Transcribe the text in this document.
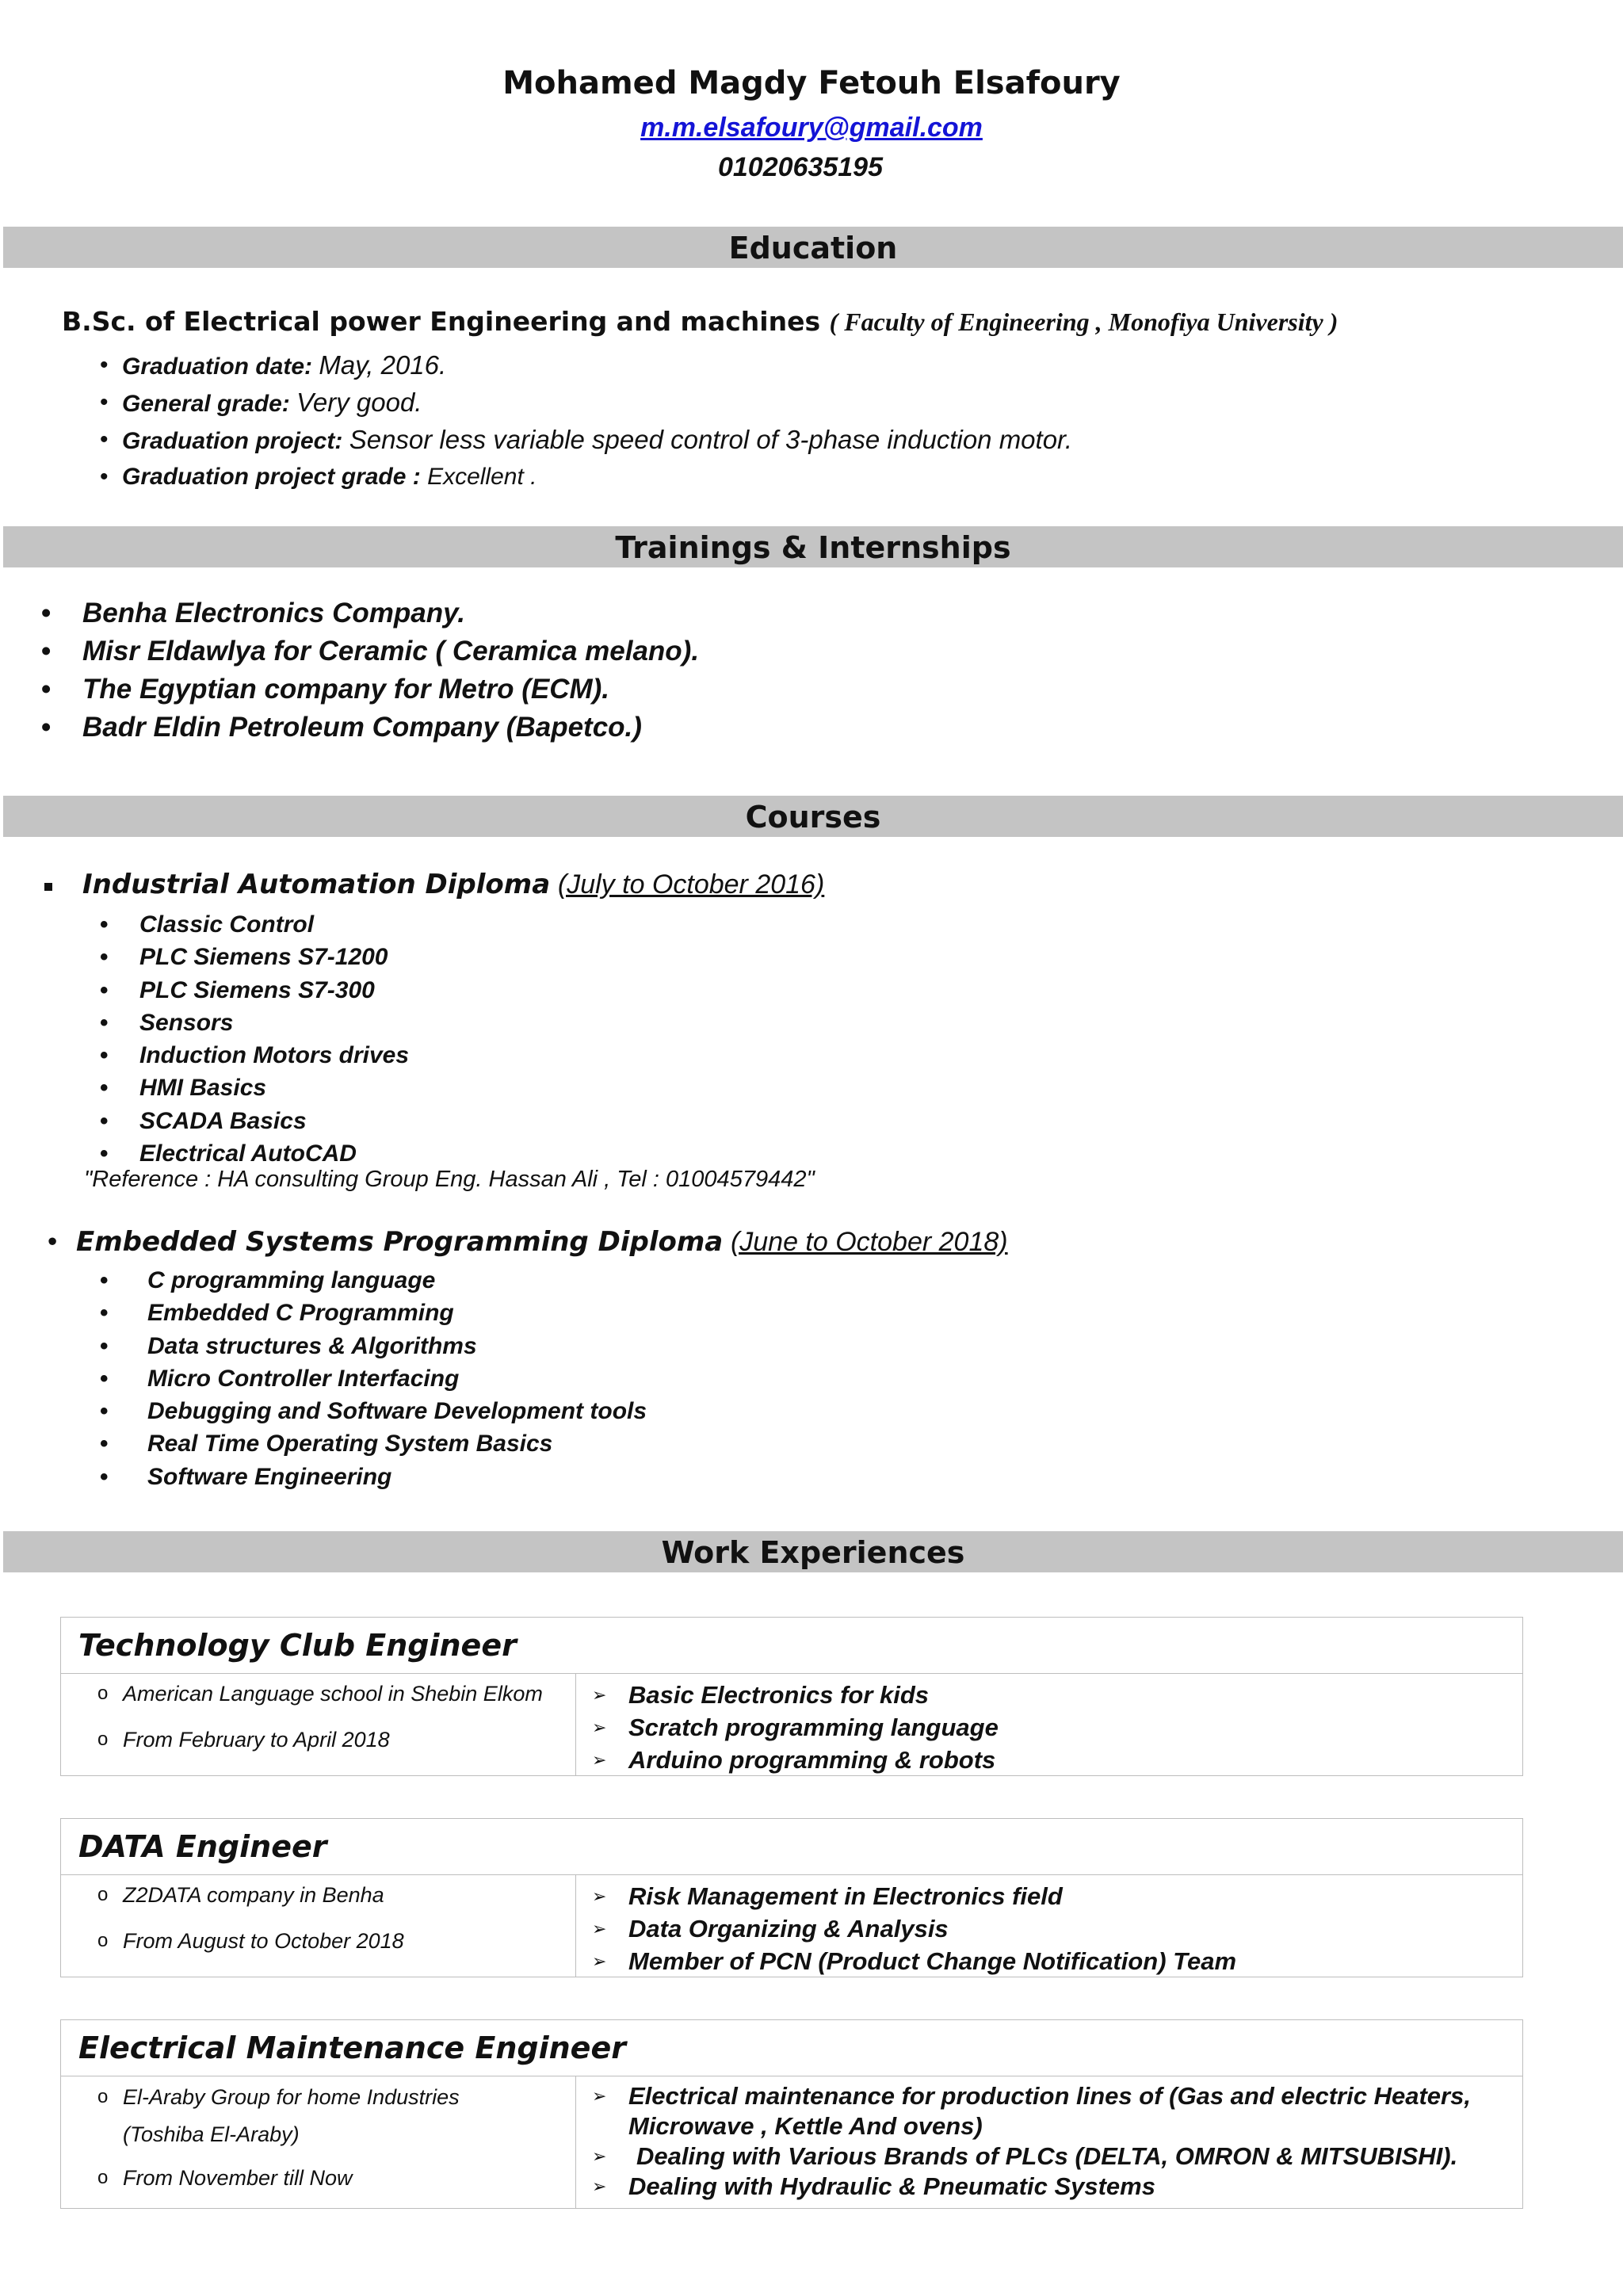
Mohamed Magdy Fetouh Elsafoury
m.m.elsafoury@gmail.com
01020635195
Education
B.Sc. of Electrical power Engineering and machines ( Faculty of Engineering , Monofiya University )
• Graduation date: May, 2016.
• General grade: Very good.
• Graduation project: Sensor less variable speed control of 3-phase induction motor.
• Graduation project grade : Excellent .
Trainings & Internships
• Benha Electronics Company.
• Misr Eldawlya for Ceramic ( Ceramica melano).
• The Egyptian company for Metro (ECM).
• Badr Eldin Petroleum Company (Bapetco.)
Courses
Industrial Automation Diploma (July to October 2016)
• Classic Control
• PLC Siemens S7-1200
• PLC Siemens S7-300
• Sensors
• Induction Motors drives
• HMI Basics
• SCADA Basics
• Electrical AutoCAD
"Reference : HA consulting Group Eng. Hassan Ali , Tel : 01004579442"
• Embedded Systems Programming Diploma (June to October 2018)
• C programming language
• Embedded C Programming
• Data structures & Algorithms
• Micro Controller Interfacing
• Debugging and Software Development tools
• Real Time Operating System Basics
• Software Engineering
Work Experiences
Technology Club Engineer
o American Language school in Shebin Elkom
o From February to April 2018
➢ Basic Electronics for kids
➢ Scratch programming language
➢ Arduino programming & robots
DATA Engineer
o Z2DATA company in Benha
o From August to October 2018
➢ Risk Management in Electronics field
➢ Data Organizing & Analysis
➢ Member of PCN (Product Change Notification) Team
Electrical Maintenance Engineer
o El-Araby Group for home Industries
(Toshiba El-Araby)
o From November till Now
➢ Electrical maintenance for production lines of (Gas and electric Heaters, Microwave , Kettle And ovens)
➢ Dealing with Various Brands of PLCs (DELTA, OMRON & MITSUBISHI).
➢ Dealing with Hydraulic & Pneumatic Systems
